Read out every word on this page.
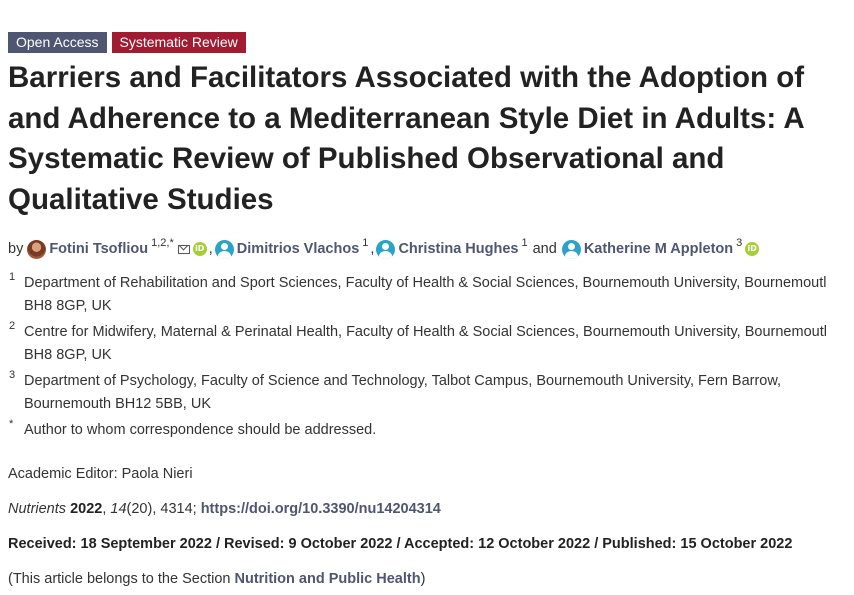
Open Access	Systematic Review
Barriers and Facilitators Associated with the Adoption of and Adherence to a Mediterranean Style Diet in Adults: A Systematic Review of Published Observational and Qualitative Studies
by Fotini Tsofliou $^{1,2,*}$	iD , Dimitrios Vlachos $^1$ , Christina Hughes $^1$ and Katherine M Appleton $^3$ iD
1 Department of Rehabilitation and Sport Sciences, Faculty of Health & Social Sciences, Bournemouth University, Bournemoutl
BH8 8GP, UK
2 Centre for Midwifery, Maternal & Perinatal Health, Faculty of Health & Social Sciences, Bournemouth University, Bournemoutl
BH8 8GP, UK
3 Department of Psychology, Faculty of Science and Technology, Talbot Campus, Bournemouth University, Fern Barrow,
Bournemouth BH12 5BB, UK
* Author to whom correspondence should be addressed.
Academic Editor: Paola Nieri
Nutrients 2022, 14(20), 4314; https://doi.org/10.3390/nu14204314
Received: 18 September 2022 / Revised: 9 October 2022 / Accepted: 12 October 2022 / Published: 15 October 2022
(This article belongs to the Section Nutrition and Public Health)
